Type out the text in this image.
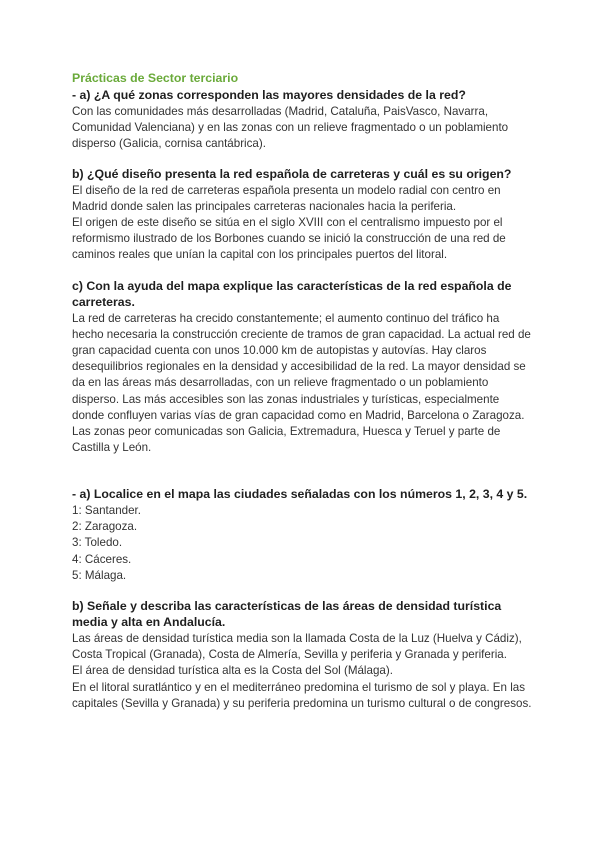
Prácticas de Sector terciario

- a) ¿A qué zonas corresponden las mayores densidades de la red?

Con las comunidades más desarrolladas (Madrid, Cataluña, PaisVasco, Navarra, Comunidad Valenciana) y en las zonas con un relieve fragmentado o un poblamiento disperso (Galicia, cornisa cantábrica).

b) ¿Qué diseño presenta la red española de carreteras y cuál es su origen?

El diseño de la red de carreteras española presenta un modelo radial con centro en Madrid donde salen las principales carreteras nacionales hacia la periferia.

El origen de este diseño se sitúa en el siglo XVIII con el centralismo impuesto por el reformismo ilustrado de los Borbones cuando se inició la construcción de una red de caminos reales que unían la capital con los principales puertos del litoral.

c) Con la ayuda del mapa explique las características de la red española de carreteras.

La red de carreteras ha crecido constantemente; el aumento continuo del tráfico ha hecho necesaria la construcción creciente de tramos de gran capacidad. La actual red de gran capacidad cuenta con unos 10.000 km de autopistas y autovías. Hay claros desequilibrios regionales en la densidad y accesibilidad de la red. La mayor densidad se da en las áreas más desarrolladas, con un relieve fragmentado o un poblamiento disperso. Las más accesibles son las zonas industriales y turísticas, especialmente donde confluyen varias vías de gran capacidad como en Madrid, Barcelona o Zaragoza. Las zonas peor comunicadas son Galicia, Extremadura, Huesca y Teruel y parte de Castilla y León.

- a) Localice en el mapa las ciudades señaladas con los números 1, 2, 3, 4 y 5.

1: Santander.

2: Zaragoza.

3: Toledo.

4: Cáceres.

5: Málaga.

b) Señale y describa las características de las áreas de densidad turística media y alta en Andalucía.

Las áreas de densidad turística media son la llamada Costa de la Luz (Huelva y Cádiz), Costa Tropical (Granada), Costa de Almería, Sevilla y periferia y Granada y periferia.

El área de densidad turística alta es la Costa del Sol (Málaga).

En el litoral suratlántico y en el mediterráneo predomina el turismo de sol y playa. En las capitales (Sevilla y Granada) y su periferia predomina un turismo cultural o de congresos.
